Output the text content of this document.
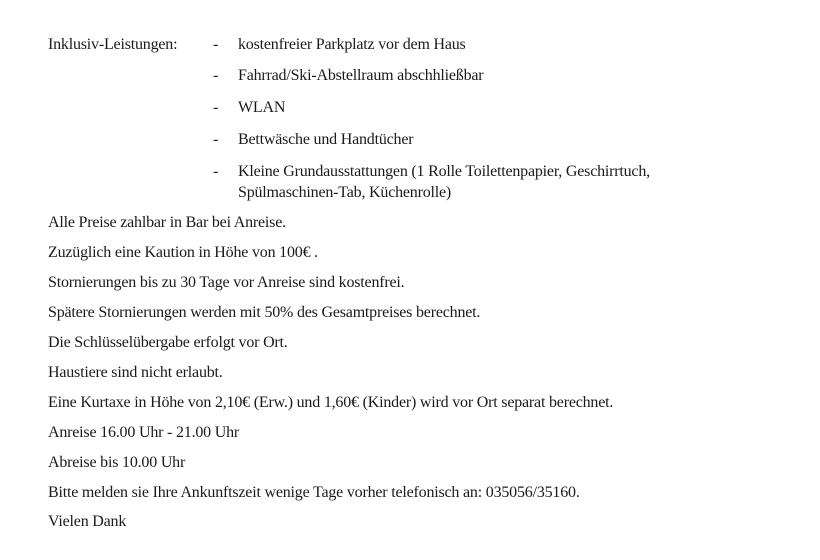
Inklusiv-Leistungen: - kostenfreier Parkplatz vor dem Haus
- Fahrrad/Ski-Abstellraum abschhließbar
- WLAN
- Bettwäsche und Handtücher
- Kleine Grundausstattungen (1 Rolle Toilettenpapier, Geschirrtuch,
Spülmaschinen-Tab, Küchenrolle)
Alle Preise zahlbar in Bar bei Anreise.
Zuzüglich eine Kaution in Höhe von 100€ .
Stornierungen bis zu 30 Tage vor Anreise sind kostenfrei.
Spätere Stornierungen werden mit 50% des Gesamtpreises berechnet.
Die Schlüsselübergabe erfolgt vor Ort.
Haustiere sind nicht erlaubt.
Eine Kurtaxe in Höhe von 2,10€ (Erw.) und 1,60€ (Kinder) wird vor Ort separat berechnet.
Anreise 16.00 Uhr - 21.00 Uhr
Abreise bis 10.00 Uhr
Bitte melden sie Ihre Ankunftszeit wenige Tage vorher telefonisch an: 035056/35160.
Vielen Dank
